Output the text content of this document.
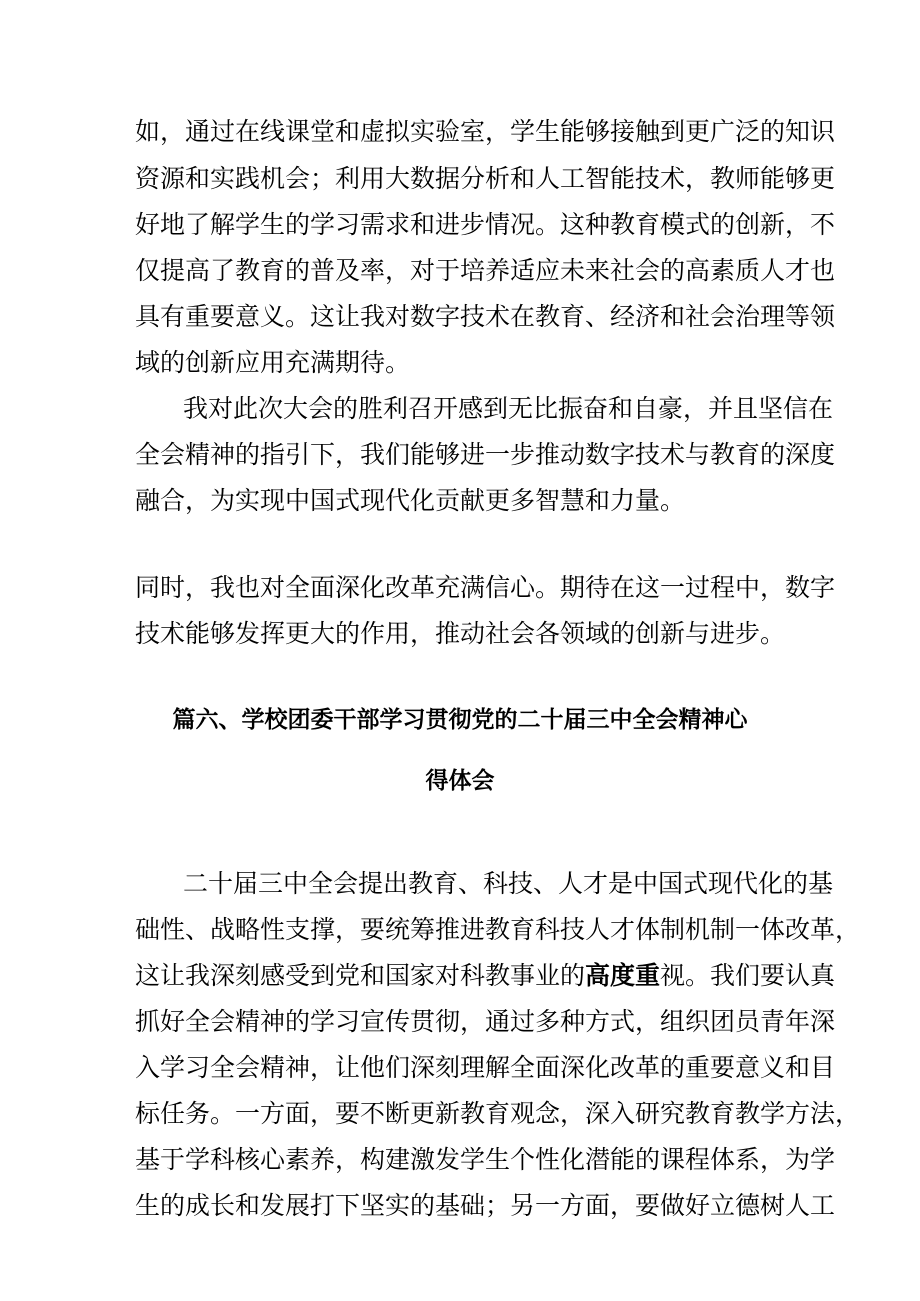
如，通过在线课堂和虚拟实验室，学生能够接触到更广泛的知识
资源和实践机会；利用大数据分析和人工智能技术，教师能够更
好地了解学生的学习需求和进步情况。这种教育模式的创新，不
仅提高了教育的普及率，对于培养适应未来社会的高素质人才也
具有重要意义。这让我对数字技术在教育、经济和社会治理等领
域的创新应用充满期待。
我对此次大会的胜利召开感到无比振奋和自豪，并且坚信在
全会精神的指引下，我们能够进一步推动数字技术与教育的深度
融合，为实现中国式现代化贡献更多智慧和力量。
同时，我也对全面深化改革充满信心。期待在这一过程中，数字
技术能够发挥更大的作用，推动社会各领域的创新与进步。
篇六、学校团委干部学习贯彻党的二十届三中全会精神心
得体会
二十届三中全会提出教育、科技、人才是中国式现代化的基
础性、战略性支撑，要统筹推进教育科技人才体制机制一体改革，
这让我深刻感受到党和国家对科教事业的高度重视。我们要认真
抓好全会精神的学习宣传贯彻，通过多种方式，组织团员青年深
入学习全会精神，让他们深刻理解全面深化改革的重要意义和目
标任务。一方面，要不断更新教育观念，深入研究教育教学方法，
基于学科核心素养，构建激发学生个性化潜能的课程体系，为学
生的成长和发展打下坚实的基础；另一方面，要做好立德树人工
